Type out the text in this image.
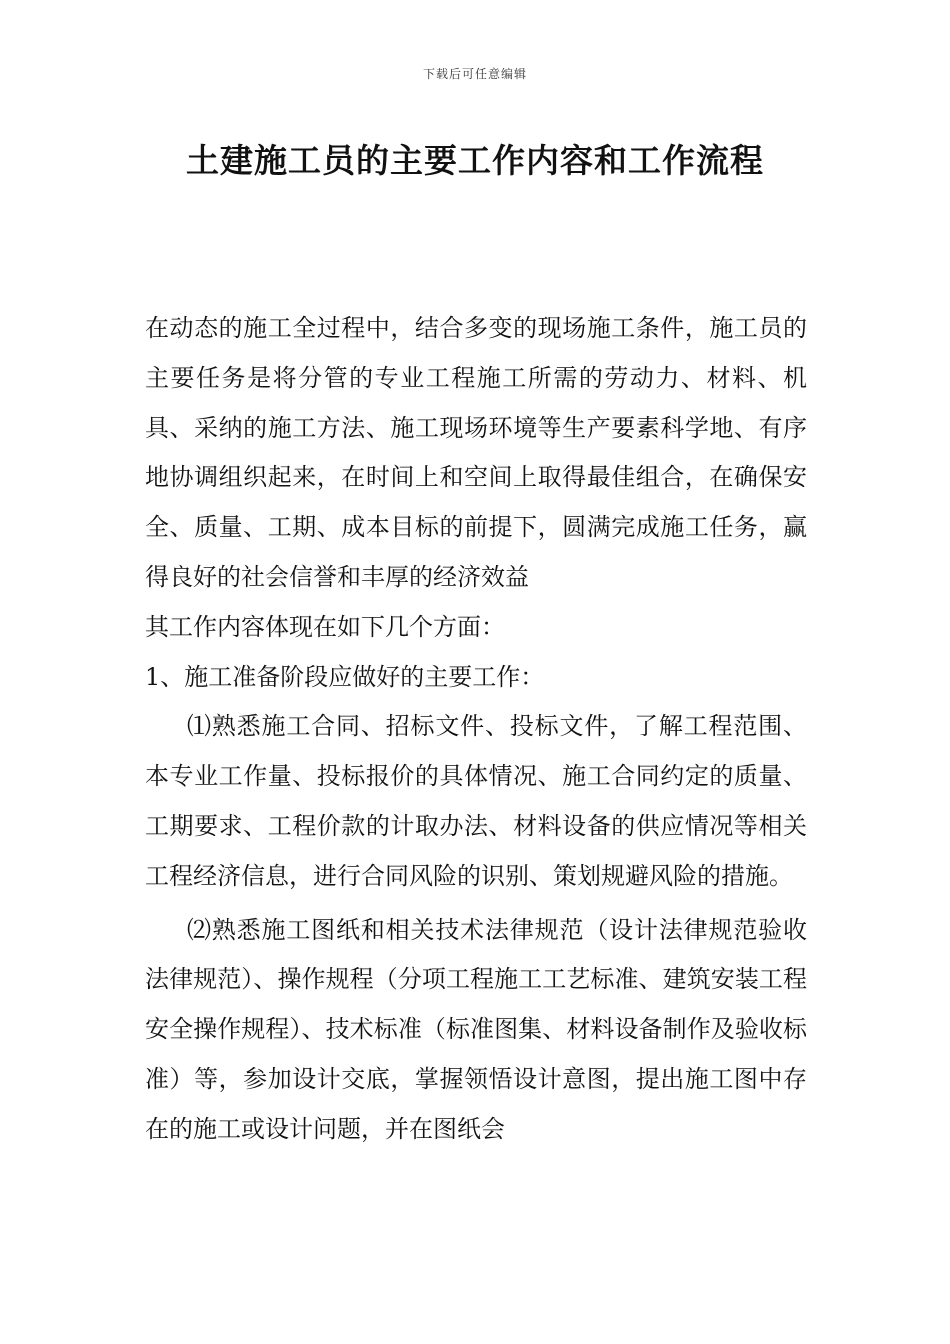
下载后可任意编辑
土建施工员的主要工作内容和工作流程

在动态的施工全过程中，结合多变的现场施工条件，施工员的主要任务是将分管的专业工程施工所需的劳动力、材料、机具、采纳的施工方法、施工现场环境等生产要素科学地、有序地协调组织起来，在时间上和空间上取得最佳组合，在确保安全、质量、工期、成本目标的前提下，圆满完成施工任务，赢得良好的社会信誉和丰厚的经济效益

其工作内容体现在如下几个方面：

1、施工准备阶段应做好的主要工作：

⑴熟悉施工合同、招标文件、投标文件，了解工程范围、本专业工作量、投标报价的具体情况、施工合同约定的质量、工期要求、工程价款的计取办法、材料设备的供应情况等相关工程经济信息，进行合同风险的识别、策划规避风险的措施。

⑵熟悉施工图纸和相关技术法律规范（设计法律规范验收法律规范）、操作规程（分项工程施工工艺标准、建筑安装工程安全操作规程）、技术标准（标准图集、材料设备制作及验收标准）等，参加设计交底，掌握领悟设计意图，提出施工图中存在的施工或设计问题，并在图纸会
